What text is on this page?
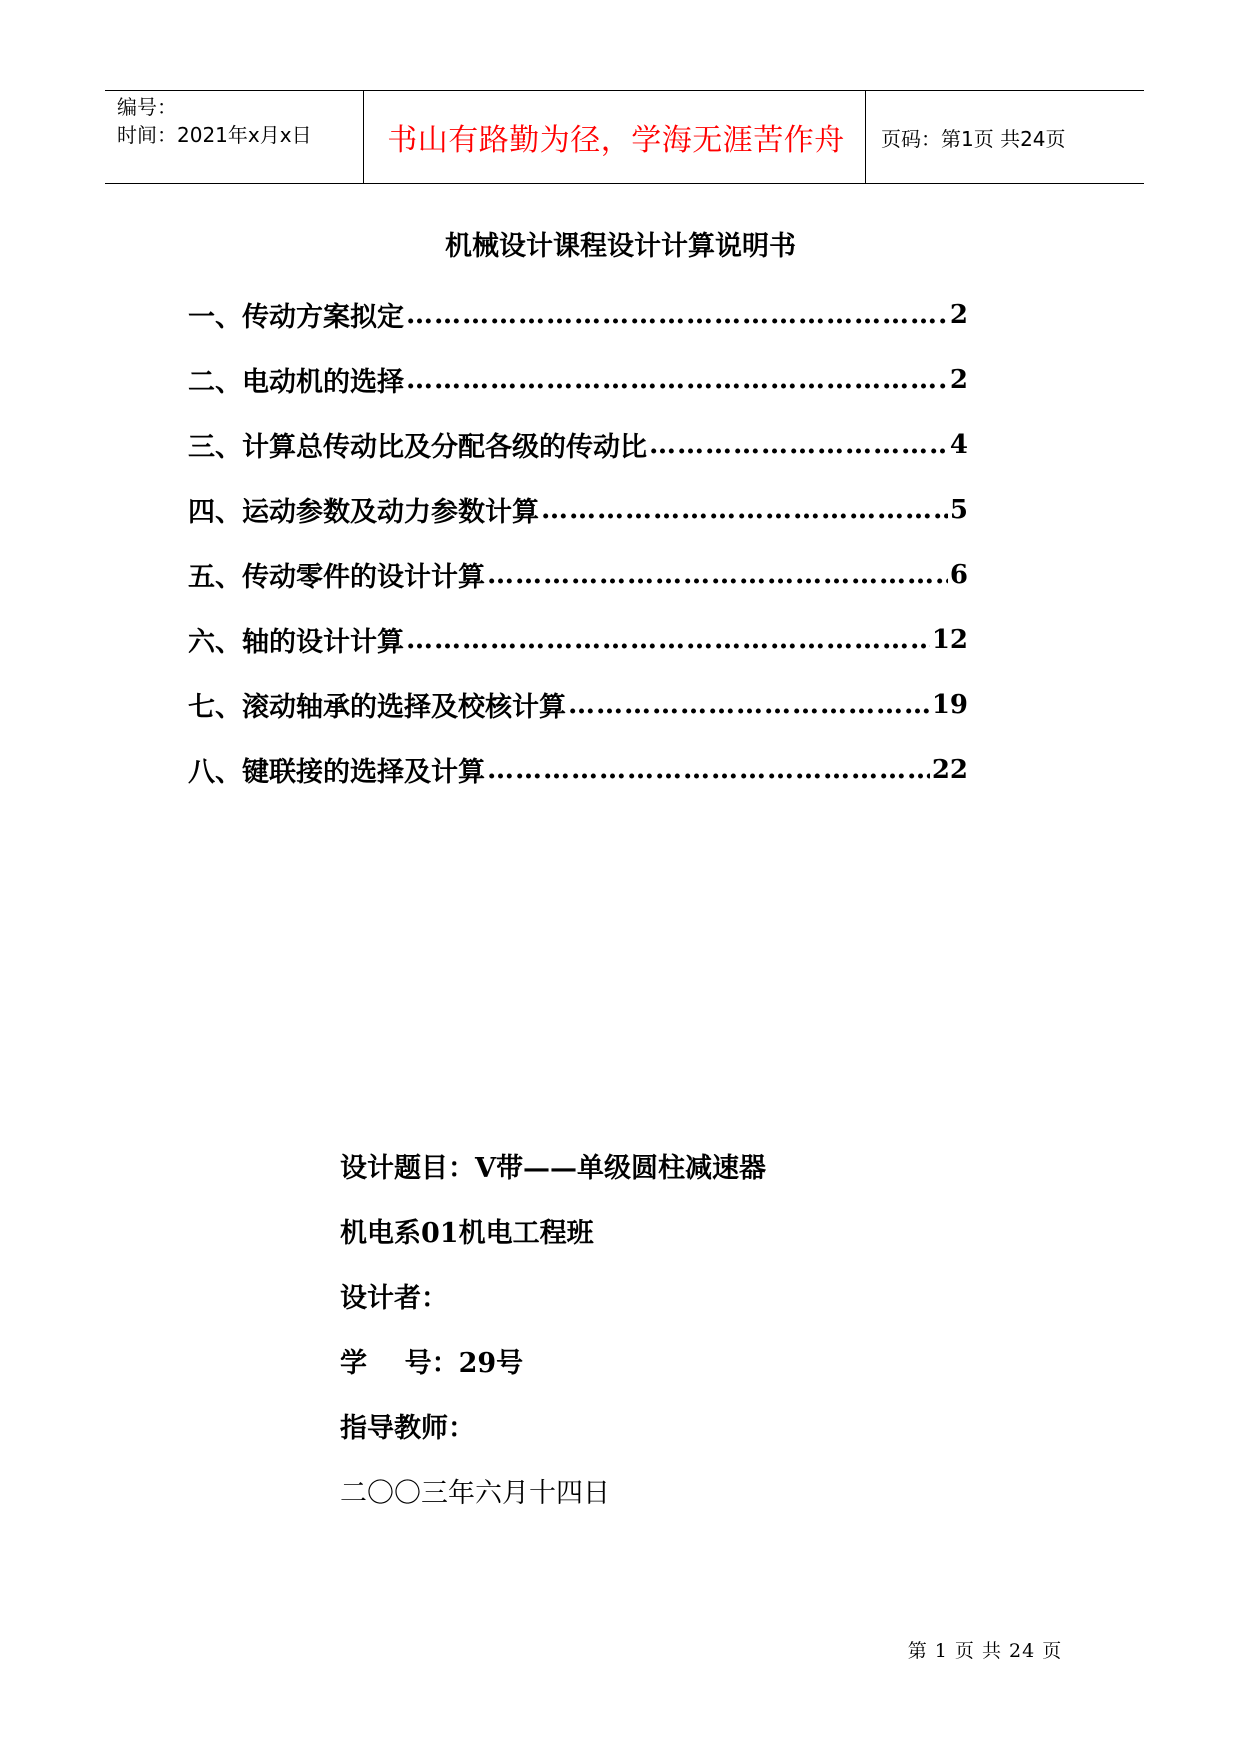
编号：
时间：2021年x月x日	书山有路勤为径，学海无涯苦作舟	页码：第1页 共24页
机械设计课程设计计算说明书
一、传动方案拟定 …………………………………………………………………………………………………………………………	2
二、电动机的选择 …………………………………………………………………………………………………………………………	2
三、计算总传动比及分配各级的传动比 …………………………………………………………………………………………………………………………	4
四、运动参数及动力参数计算 …………………………………………………………………………………………………………………………	5
五、传动零件的设计计算 …………………………………………………………………………………………………………………………	6
六、轴的设计计算 …………………………………………………………………………………………………………………………	12
七、滚动轴承的选择及校核计算 …………………………………………………………………………………………………………………………	19
八、键联接的选择及计算 …………………………………………………………………………………………………………………………	22
设计题目：V带——单级圆柱减速器
机电系01机电工程班
设计者：
学    号：29号
指导教师：
二〇〇三年六月十四日
第 1 页 共 24 页
